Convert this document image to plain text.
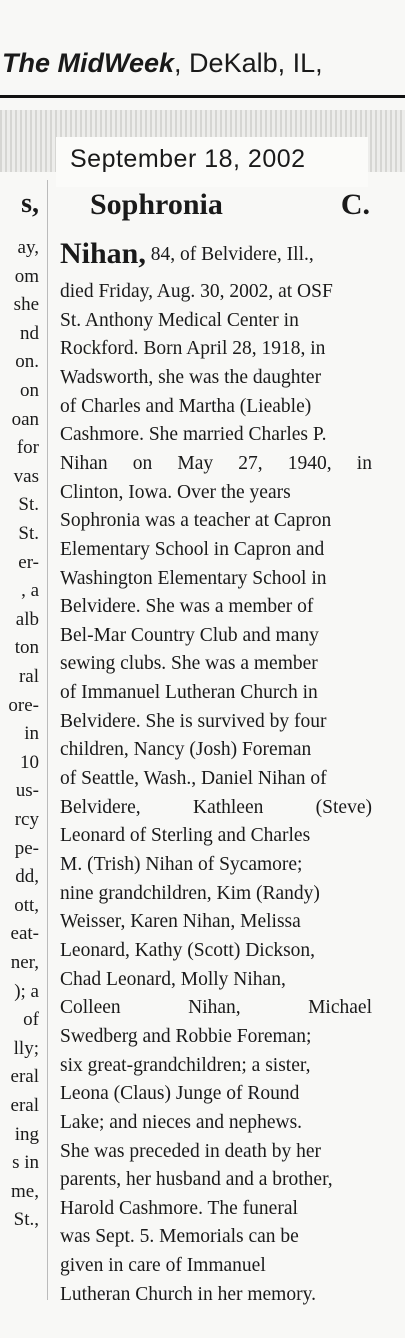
The MidWeek, DeKalb, IL,
September 18, 2002
s,
ay,
om
she
nd
on.
on
oan
for
vas
St.
St.
er-
, a
alb
ton
ral
ore-
in
10
us-
rcy
pe-
dd,
ott,
eat-
ner,
); a
of
lly;
eral
eral
ing
s in
me,
St.,
Sophronia	C.
Nihan, 84, of Belvidere, Ill.,
died Friday, Aug. 30, 2002, at OSF
St. Anthony Medical Center in
Rockford. Born April 28, 1918, in
Wadsworth, she was the daughter
of Charles and Martha (Lieable)
Cashmore. She married Charles P.
Nihan on May 27, 1940, in
Clinton, Iowa. Over the years
Sophronia was a teacher at Capron
Elementary School in Capron and
Washington Elementary School in
Belvidere. She was a member of
Bel-Mar Country Club and many
sewing clubs. She was a member
of Immanuel Lutheran Church in
Belvidere. She is survived by four
children, Nancy (Josh) Foreman
of Seattle, Wash., Daniel Nihan of
Belvidere,	Kathleen	(Steve)
Leonard of Sterling and Charles
M. (Trish) Nihan of Sycamore;
nine grandchildren, Kim (Randy)
Weisser, Karen Nihan, Melissa
Leonard, Kathy (Scott) Dickson,
Chad Leonard, Molly Nihan,
Colleen	Nihan,	Michael
Swedberg and Robbie Foreman;
six great-grandchildren; a sister,
Leona (Claus) Junge of Round
Lake; and nieces and nephews.
She was preceded in death by her
parents, her husband and a brother,
Harold Cashmore. The funeral
was Sept. 5. Memorials can be
given in care of Immanuel
Lutheran Church in her memory.
